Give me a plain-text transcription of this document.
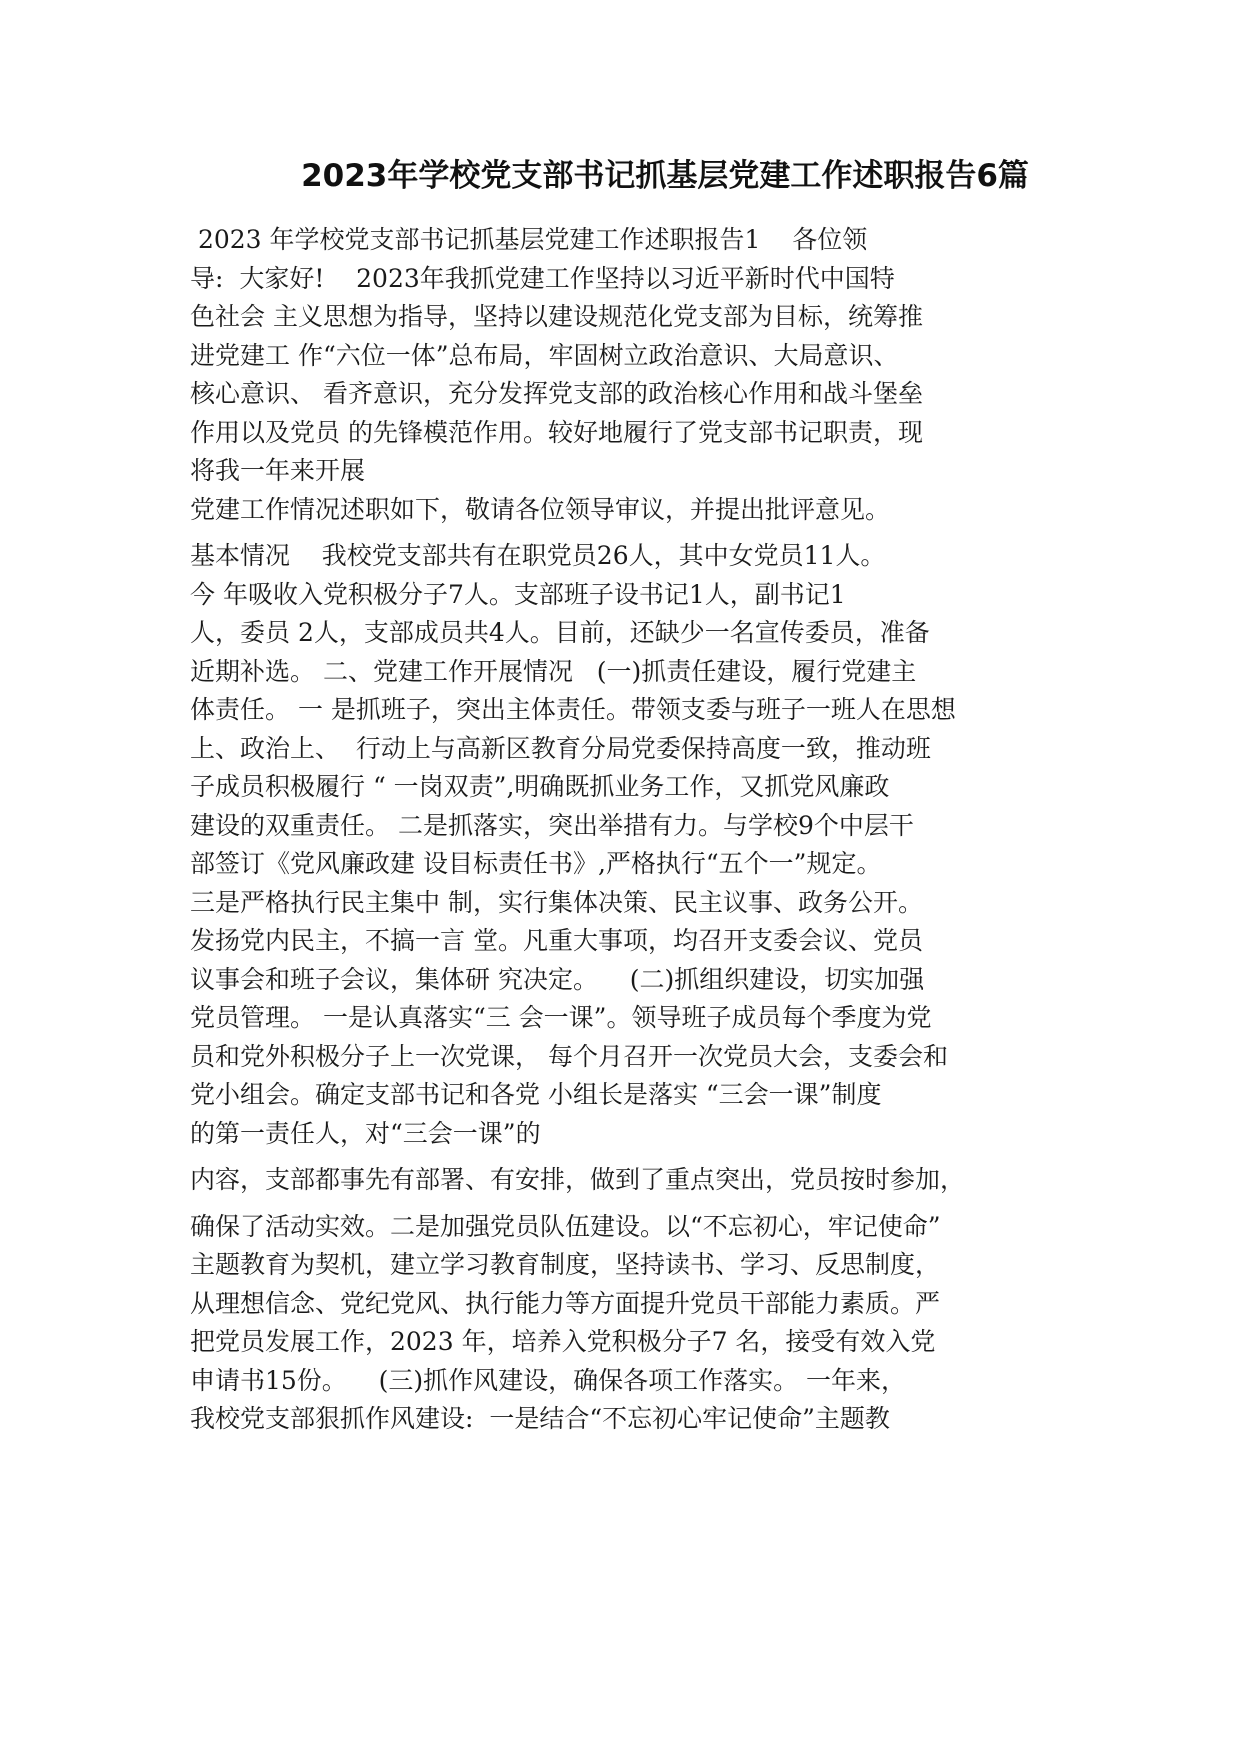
2023年学校党支部书记抓基层党建工作述职报告6篇
2023 年学校党支部书记抓基层党建工作述职报告1    各位领
导:  大家好!    2023年我抓党建工作坚持以习近平新时代中国特
色社会 主义思想为指导，坚持以建设规范化党支部为目标，统筹推
进党建工 作“六位一体”总布局，牢固树立政治意识、大局意识、
核心意识、 看齐意识，充分发挥党支部的政治核心作用和战斗堡垒
作用以及党员 的先锋模范作用。较好地履行了党支部书记职责，现
将我一年来开展
党建工作情况述职如下，敬请各位领导审议，并提出批评意见。
基本情况    我校党支部共有在职党员26人，其中女党员11人。
今 年吸收入党积极分子7人。支部班子设书记1人，副书记1
人，委员 2人，支部成员共4人。目前，还缺少一名宣传委员，准备
近期补选。 二、党建工作开展情况   (一)抓责任建设，履行党建主
体责任。 一 是抓班子，突出主体责任。带领支委与班子一班人在思想
上、政治上、  行动上与高新区教育分局党委保持高度一致，推动班
子成员积极履行 “ 一岗双责”,明确既抓业务工作，又抓党风廉政
建设的双重责任。 二是抓落实，突出举措有力。与学校9个中层干
部签订《党风廉政建 设目标责任书》,严格执行“五个一”规定。
三是严格执行民主集中 制，实行集体决策、民主议事、政务公开。
发扬党内民主，不搞一言 堂。凡重大事项，均召开支委会议、党员
议事会和班子会议，集体研 究决定。    (二)抓组织建设，切实加强
党员管理。 一是认真落实“三 会一课”。领导班子成员每个季度为党
员和党外积极分子上一次党课， 每个月召开一次党员大会，支委会和
党小组会。确定支部书记和各党 小组长是落实 “三会一课”制度
的第一责任人，对“三会一课”的
内容，支部都事先有部署、有安排，做到了重点突出，党员按时参加，
确保了活动实效。二是加强党员队伍建设。以“不忘初心，牢记使命”
主题教育为契机，建立学习教育制度，坚持读书、学习、反思制度，
从理想信念、党纪党风、执行能力等方面提升党员干部能力素质。严
把党员发展工作，2023 年，培养入党积极分子7 名，接受有效入党
申请书15份。    (三)抓作风建设，确保各项工作落实。 一年来，
我校党支部狠抓作风建设:  一是结合“不忘初心牢记使命”主题教
